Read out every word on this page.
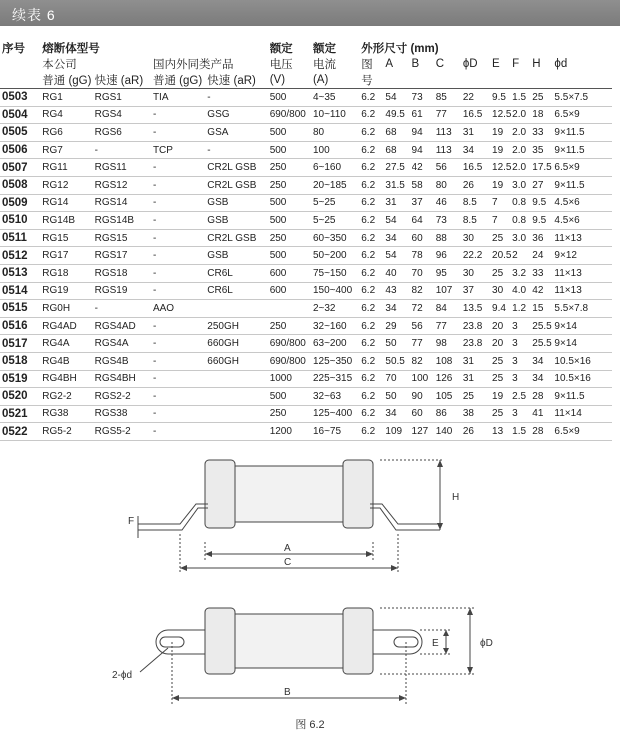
续表 6
序号	熔断体型号				额定	额定	外形尺寸 (mm)								
	本公司		国内外同类产品		电压	电流	图	A	B	C	ϕD	E	F	H	ϕd
	普通 (gG)	快速 (aR)	普通 (gG)	快速 (aR)	(V)	(A)	号								
0503	RG1	RGS1	TIA	-	500	4~35	6.2	54	73	85	22	9.5	1.5	25	5.5×7.5
0504	RG4	RGS4	-	GSG	690/800	10~110	6.2	49.5	61	77	16.5	12.5	2.0	18	6.5×9
0505	RG6	RGS6	-	GSA	500	80	6.2	68	94	113	31	19	2.0	33	9×11.5
0506	RG7	-	TCP	-	500	100	6.2	68	94	113	34	19	2.0	35	9×11.5
0507	RG11	RGS11	-	CR2L GSB	250	6~160	6.2	27.5	42	56	16.5	12.5	2.0	17.5	6.5×9
0508	RG12	RGS12	-	CR2L GSB	250	20~185	6.2	31.5	58	80	26	19	3.0	27	9×11.5
0509	RG14	RGS14	-	GSB	500	5~25	6.2	31	37	46	8.5	7	0.8	9.5	4.5×6
0510	RG14B	RGS14B	-	GSB	500	5~25	6.2	54	64	73	8.5	7	0.8	9.5	4.5×6
0511	RG15	RGS15	-	CR2L GSB	250	60~350	6.2	34	60	88	30	25	3.0	36	11×13
0512	RG17	RGS17	-	GSB	500	50~200	6.2	54	78	96	22.2	20.5	2	24	9×12
0513	RG18	RGS18	-	CR6L	600	75~150	6.2	40	70	95	30	25	3.2	33	11×13
0514	RG19	RGS19	-	CR6L	600	150~400	6.2	43	82	107	37	30	4.0	42	11×13
0515	RG0H	-	AAO			2~32	6.2	34	72	84	13.5	9.4	1.2	15	5.5×7.8
0516	RG4AD	RGS4AD	-	250GH	250	32~160	6.2	29	56	77	23.8	20	3	25.5	9×14
0517	RG4A	RGS4A	-	660GH	690/800	63~200	6.2	50	77	98	23.8	20	3	25.5	9×14
0518	RG4B	RGS4B	-	660GH	690/800	125~350	6.2	50.5	82	108	31	25	3	34	10.5×16
0519	RG4BH	RGS4BH	-		1000	225~315	6.2	70	100	126	31	25	3	34	10.5×16
0520	RG2-2	RGS2-2	-		500	32~63	6.2	50	90	105	25	19	2.5	28	9×11.5
0521	RG38	RGS38	-		250	125~400	6.2	34	60	86	38	25	3	41	11×14
0522	RG5-2	RGS5-2	-		1200	16~75	6.2	109	127	140	26	13	1.5	28	6.5×9
H
F
A
C
E	ϕD
2-ϕd
B
图 6.2
